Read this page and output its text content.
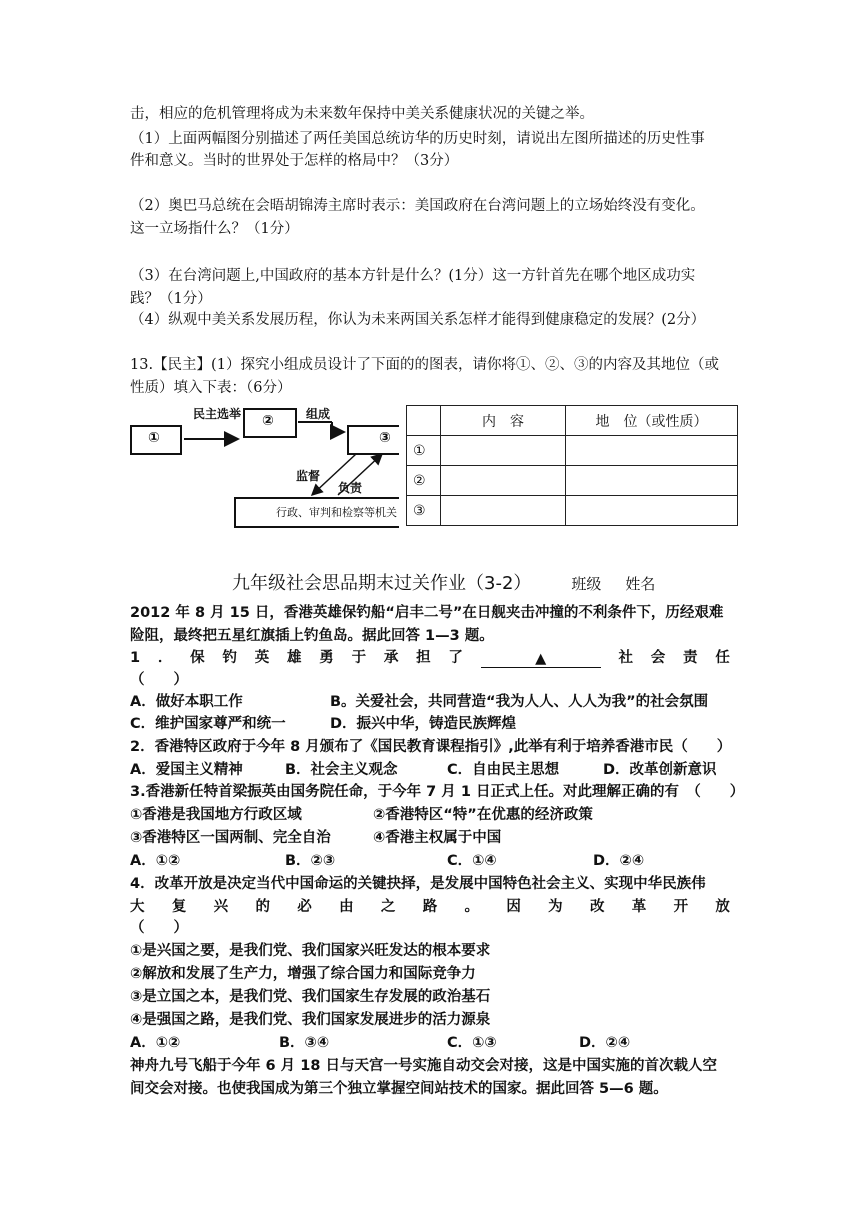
击，相应的危机管理将成为未来数年保持中美关系健康状况的关键之举。
（1）上面两幅图分别描述了两任美国总统访华的历史时刻，请说出左图所描述的历史性事
件和意义。当时的世界处于怎样的格局中？（3分）
（2）奥巴马总统在会晤胡锦涛主席时表示：美国政府在台湾问题上的立场始终没有变化。
这一立场指什么？（1分）
（3）在台湾问题上,中国政府的基本方针是什么？(1分）这一方针首先在哪个地区成功实
践？（1分）
（4）纵观中美关系发展历程，你认为未来两国关系怎样才能得到健康稳定的发展？(2分）
13.【民主】(1）探究小组成员设计了下面的的图表，请你将①、②、③的内容及其地位（或
性质）填入下表：（6分）
①
②
③
行政、审判和检察等机关
民主选举	组成
监督
负责
	内　容	地　位（或性质）
①		
②		
③		
九年级社会思品期末过关作业（3-2）	班级 姓名
2012 年 8 月 15 日，香港英雄保钓船“启丰二号”在日舰夹击冲撞的不利条件下，历经艰难
险阻，最终把五星红旗插上钓鱼岛。据此回答 1—3 题。
1 ． 保 钓 英 雄 勇 于 承 担 了	▲	社 会 责 任
（　　）
A．做好本职工作	B。关爱社会，共同营造“我为人人、人人为我”的社会氛围
C．维护国家尊严和统一	D．振兴中华，铸造民族辉煌
2．香港特区政府于今年 8 月颁布了《国民教育课程指引》,此举有利于培养香港市民（　　）
A．爱国主义精神	B．社会主义观念	C．自由民主思想	D．改革创新意识
3.香港新任特首梁振英由国务院任命，于今年 7 月 1 日正式上任。对此理解正确的有　（　　）
①香港是我国地方行政区域	②香港特区“特”在优惠的经济政策
③香港特区一国两制、完全自治	④香港主权属于中国
A．①②	B．②③	C．①④	D．②④
4．改革开放是决定当代中国命运的关键抉择，是发展中国特色社会主义、实现中华民族伟
大 复 兴 的 必 由 之 路 。 因 为 改 革 开 放
（　　）
①是兴国之要，是我们党、我们国家兴旺发达的根本要求
②解放和发展了生产力，增强了综合国力和国际竞争力
③是立国之本，是我们党、我们国家生存发展的政治基石
④是强国之路，是我们党、我们国家发展进步的活力源泉
A．①②	B．③④	C．①③	D．②④
神舟九号飞船于今年 6 月 18 日与天宫一号实施自动交会对接，这是中国实施的首次载人空
间交会对接。也使我国成为第三个独立掌握空间站技术的国家。据此回答 5—6 题。
